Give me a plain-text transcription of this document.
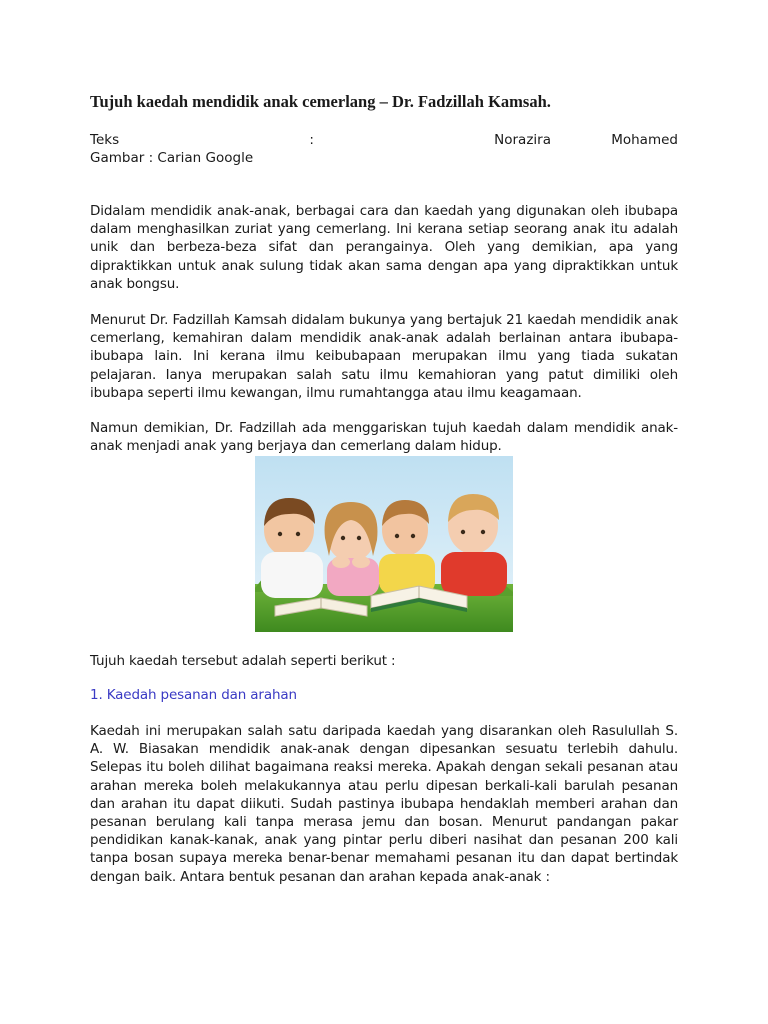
Tujuh kaedah mendidik anak cemerlang – Dr. Fadzillah Kamsah.
Teks	:	Norazira	Mohamed
Gambar : Carian Google

Didalam mendidik anak-anak, berbagai cara dan kaedah yang digunakan oleh ibubapa dalam menghasilkan zuriat yang cemerlang. Ini kerana setiap seorang anak itu adalah unik dan berbeza-beza sifat dan perangainya. Oleh yang demikian, apa yang dipraktikkan untuk anak sulung tidak akan sama dengan apa yang dipraktikkan untuk anak bongsu.

Menurut Dr. Fadzillah Kamsah didalam bukunya yang bertajuk 21 kaedah mendidik anak cemerlang, kemahiran dalam mendidik anak-anak adalah berlainan antara ibubapa-ibubapa lain. Ini kerana ilmu keibubapaan merupakan ilmu yang tiada sukatan pelajaran. Ianya merupakan salah satu ilmu kemahioran yang patut dimiliki oleh ibubapa seperti ilmu kewangan, ilmu rumahtangga atau ilmu keagamaan.

Namun demikian, Dr. Fadzillah ada menggariskan tujuh kaedah dalam mendidik anak-anak menjadi anak yang berjaya dan cemerlang dalam hidup.

Tujuh kaedah tersebut adalah seperti berikut :

1. Kaedah pesanan dan arahan

Kaedah ini merupakan salah satu daripada kaedah yang disarankan oleh Rasulullah S. A. W. Biasakan mendidik anak-anak dengan dipesankan sesuatu terlebih dahulu. Selepas itu boleh dilihat bagaimana reaksi mereka. Apakah dengan sekali pesanan atau arahan mereka boleh melakukannya atau perlu dipesan berkali-kali barulah pesanan dan arahan itu dapat diikuti. Sudah pastinya ibubapa hendaklah memberi arahan dan pesanan berulang kali tanpa merasa jemu dan bosan. Menurut pandangan pakar pendidikan kanak-kanak, anak yang pintar perlu diberi nasihat dan pesanan 200 kali tanpa bosan supaya mereka benar-benar memahami pesanan itu dan dapat bertindak dengan baik. Antara bentuk pesanan dan arahan kepada anak-anak :
